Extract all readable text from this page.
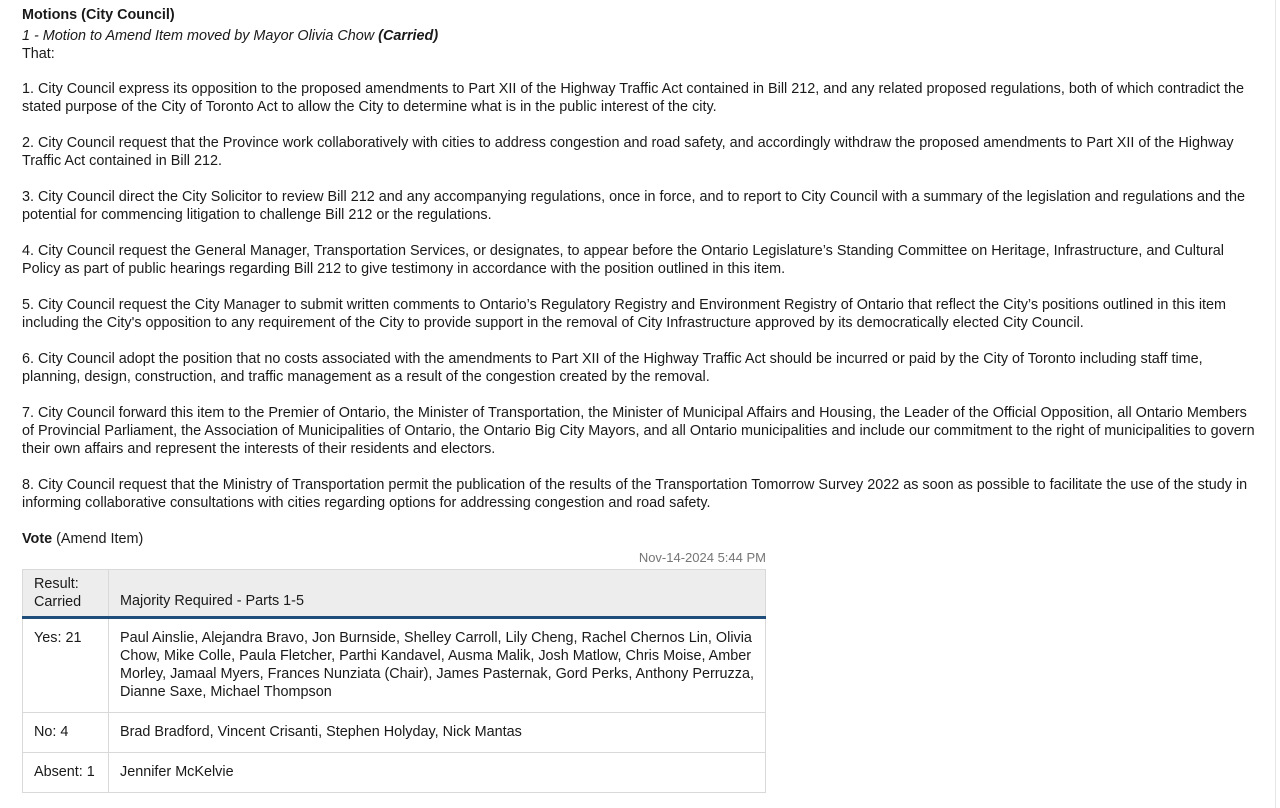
Motions (City Council)
1 - Motion to Amend Item moved by Mayor Olivia Chow (Carried)
That:
1. City Council express its opposition to the proposed amendments to Part XII of the Highway Traffic Act contained in Bill 212, and any related proposed regulations, both of which contradict the stated purpose of the City of Toronto Act to allow the City to determine what is in the public interest of the city.
2. City Council request that the Province work collaboratively with cities to address congestion and road safety, and accordingly withdraw the proposed amendments to Part XII of the Highway Traffic Act contained in Bill 212.
3. City Council direct the City Solicitor to review Bill 212 and any accompanying regulations, once in force, and to report to City Council with a summary of the legislation and regulations and the potential for commencing litigation to challenge Bill 212 or the regulations.
4. City Council request the General Manager, Transportation Services, or designates, to appear before the Ontario Legislature’s Standing Committee on Heritage, Infrastructure, and Cultural Policy as part of public hearings regarding Bill 212 to give testimony in accordance with the position outlined in this item.
5. City Council request the City Manager to submit written comments to Ontario’s Regulatory Registry and Environment Registry of Ontario that reflect the City’s positions outlined in this item including the City's opposition to any requirement of the City to provide support in the removal of City Infrastructure approved by its democratically elected City Council.
6. City Council adopt the position that no costs associated with the amendments to Part XII of the Highway Traffic Act should be incurred or paid by the City of Toronto including staff time, planning, design, construction, and traffic management as a result of the congestion created by the removal.
7. City Council forward this item to the Premier of Ontario, the Minister of Transportation, the Minister of Municipal Affairs and Housing, the Leader of the Official Opposition, all Ontario Members of Provincial Parliament, the Association of Municipalities of Ontario, the Ontario Big City Mayors, and all Ontario municipalities and include our commitment to the right of municipalities to govern their own affairs and represent the interests of their residents and electors.
8. City Council request that the Ministry of Transportation permit the publication of the results of the Transportation Tomorrow Survey 2022 as soon as possible to facilitate the use of the study in informing collaborative consultations with cities regarding options for addressing congestion and road safety.
Vote (Amend Item)
Nov-14-2024 5:44 PM
Result: Carried	Majority Required - Parts 1-5
Yes: 21	Paul Ainslie, Alejandra Bravo, Jon Burnside, Shelley Carroll, Lily Cheng, Rachel Chernos Lin, Olivia Chow, Mike Colle, Paula Fletcher, Parthi Kandavel, Ausma Malik, Josh Matlow, Chris Moise, Amber Morley, Jamaal Myers, Frances Nunziata (Chair), James Pasternak, Gord Perks, Anthony Perruzza, Dianne Saxe, Michael Thompson
No: 4	Brad Bradford, Vincent Crisanti, Stephen Holyday, Nick Mantas
Absent: 1	Jennifer McKelvie
